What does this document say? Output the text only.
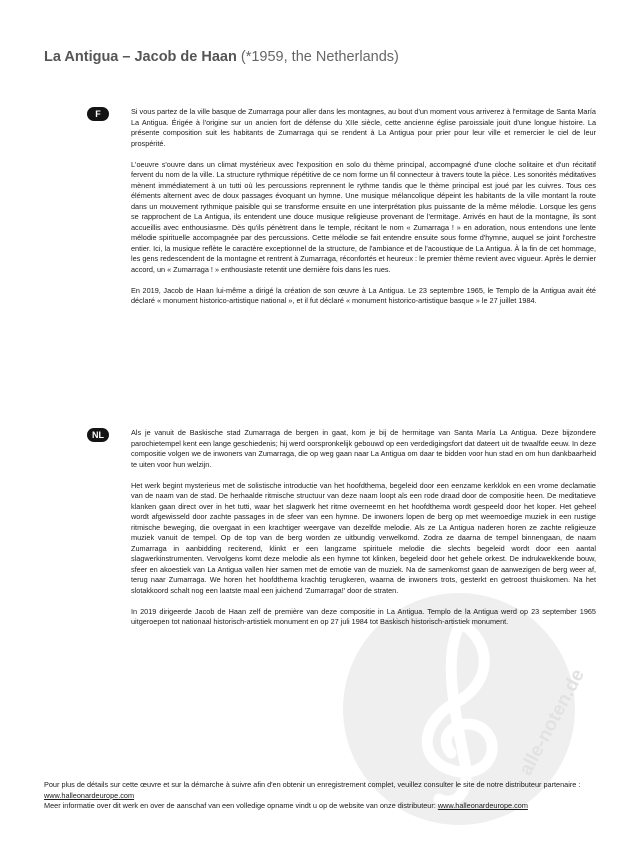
La Antigua – Jacob de Haan (*1959, the Netherlands)
alle-noten.de
F	Si vous partez de la ville basque de Zumarraga pour aller dans les montagnes, au bout d'un moment vous arriverez à l'ermitage de Santa María La Antigua. Érigée à l'origine sur un ancien fort de défense du XIIe siècle, cette ancienne église paroissiale jouit d'une longue histoire. La présente composition suit les habitants de Zumarraga qui se rendent à La Antigua pour prier pour leur ville et remercier le ciel de leur prospérité.

L'oeuvre s'ouvre dans un climat mystérieux avec l'exposition en solo du thème principal, accompagné d'une cloche solitaire et d'un récitatif fervent du nom de la ville. La structure rythmique répétitive de ce nom forme un fil connecteur à travers toute la pièce. Les sonorités méditatives mènent immédiatement à un tutti où les percussions reprennent le rythme tandis que le thème principal est joué par les cuivres. Tous ces éléments alternent avec de doux passages évoquant un hymne. Une musique mélancolique dépeint les habitants de la ville montant la route dans un mouvement rythmique paisible qui se transforme ensuite en une interprétation plus puissante de la même mélodie. Lorsque les gens se rapprochent de La Antigua, ils entendent une douce musique religieuse provenant de l'ermitage. Arrivés en haut de la montagne, ils sont accueillis avec enthousiasme. Dès qu'ils pénètrent dans le temple, récitant le nom « Zumarraga ! » en adoration, nous entendons une lente mélodie spirituelle accompagnée par des percussions. Cette mélodie se fait entendre ensuite sous forme d'hymne, auquel se joint l'orchestre entier. Ici, la musique reflète le caractère exceptionnel de la structure, de l'ambiance et de l'acoustique de La Antigua. À la fin de cet hommage, les gens redescendent de la montagne et rentrent à Zumarraga, réconfortés et heureux : le premier thème revient avec vigueur. Après le dernier accord, un « Zumarraga ! » enthousiaste retentit une dernière fois dans les rues.

En 2019, Jacob de Haan lui-même a dirigé la création de son œuvre à La Antigua. Le 23 septembre 1965, le Templo de la Antigua avait été déclaré « monument historico-artistique national », et il fut déclaré « monument historico-artistique basque » le 27 juillet 1984.

NL	Als je vanuit de Baskische stad Zumarraga de bergen in gaat, kom je bij de hermitage van Santa María La Antigua. Deze bijzondere parochietempel kent een lange geschiedenis; hij werd oorspronkelijk gebouwd op een verdedigingsfort dat dateert uit de twaalfde eeuw. In deze compositie volgen we de inwoners van Zumarraga, die op weg gaan naar La Antigua om daar te bidden voor hun stad en om hun dankbaarheid te uiten voor hun welzijn.

Het werk begint mysterieus met de solistische introductie van het hoofdthema, begeleid door een eenzame kerkklok en een vrome declamatie van de naam van de stad. De herhaalde ritmische structuur van deze naam loopt als een rode draad door de compositie heen. De meditatieve klanken gaan direct over in het tutti, waar het slagwerk het ritme overneemt en het hoofdthema wordt gespeeld door het koper. Het geheel wordt afgewisseld door zachte passages in de sfeer van een hymne. De inwoners lopen de berg op met weemoedige muziek in een rustige ritmische beweging, die overgaat in een krachtiger weergave van dezelfde melodie. Als ze La Antigua naderen horen ze zachte religieuze muziek vanuit de tempel. Op de top van de berg worden ze uitbundig verwelkomd. Zodra ze daarna de tempel binnengaan, de naam Zumarraga in aanbidding reciterend, klinkt er een langzame spirituele melodie die slechts begeleid wordt door een aantal slagwerkinstrumenten. Vervolgens komt deze melodie als een hymne tot klinken, begeleid door het gehele orkest. De indrukwekkende bouw, sfeer en akoestiek van La Antigua vallen hier samen met de emotie van de muziek. Na de samenkomst gaan de aanwezigen de berg weer af, terug naar Zumarraga. We horen het hoofdthema krachtig terugkeren, waarna de inwoners trots, gesterkt en getroost thuiskomen. Na het slotakkoord schalt nog een laatste maal een juichend 'Zumarraga!' door de straten.

In 2019 dirigeerde Jacob de Haan zelf de première van deze compositie in La Antigua. Templo de la Antigua werd op 23 september 1965 uitgeroepen tot nationaal historisch-artistiek monument en op 27 juli 1984 tot Baskisch historisch-artistiek monument.

Pour plus de détails sur cette œuvre et sur la démarche à suivre afin d'en obtenir un enregistrement complet, veuillez consulter le site de notre distributeur partenaire : www.halleonardeurope.com

Meer informatie over dit werk en over de aanschaf van een volledige opname vindt u op de website van onze distributeur: www.halleonardeurope.com
